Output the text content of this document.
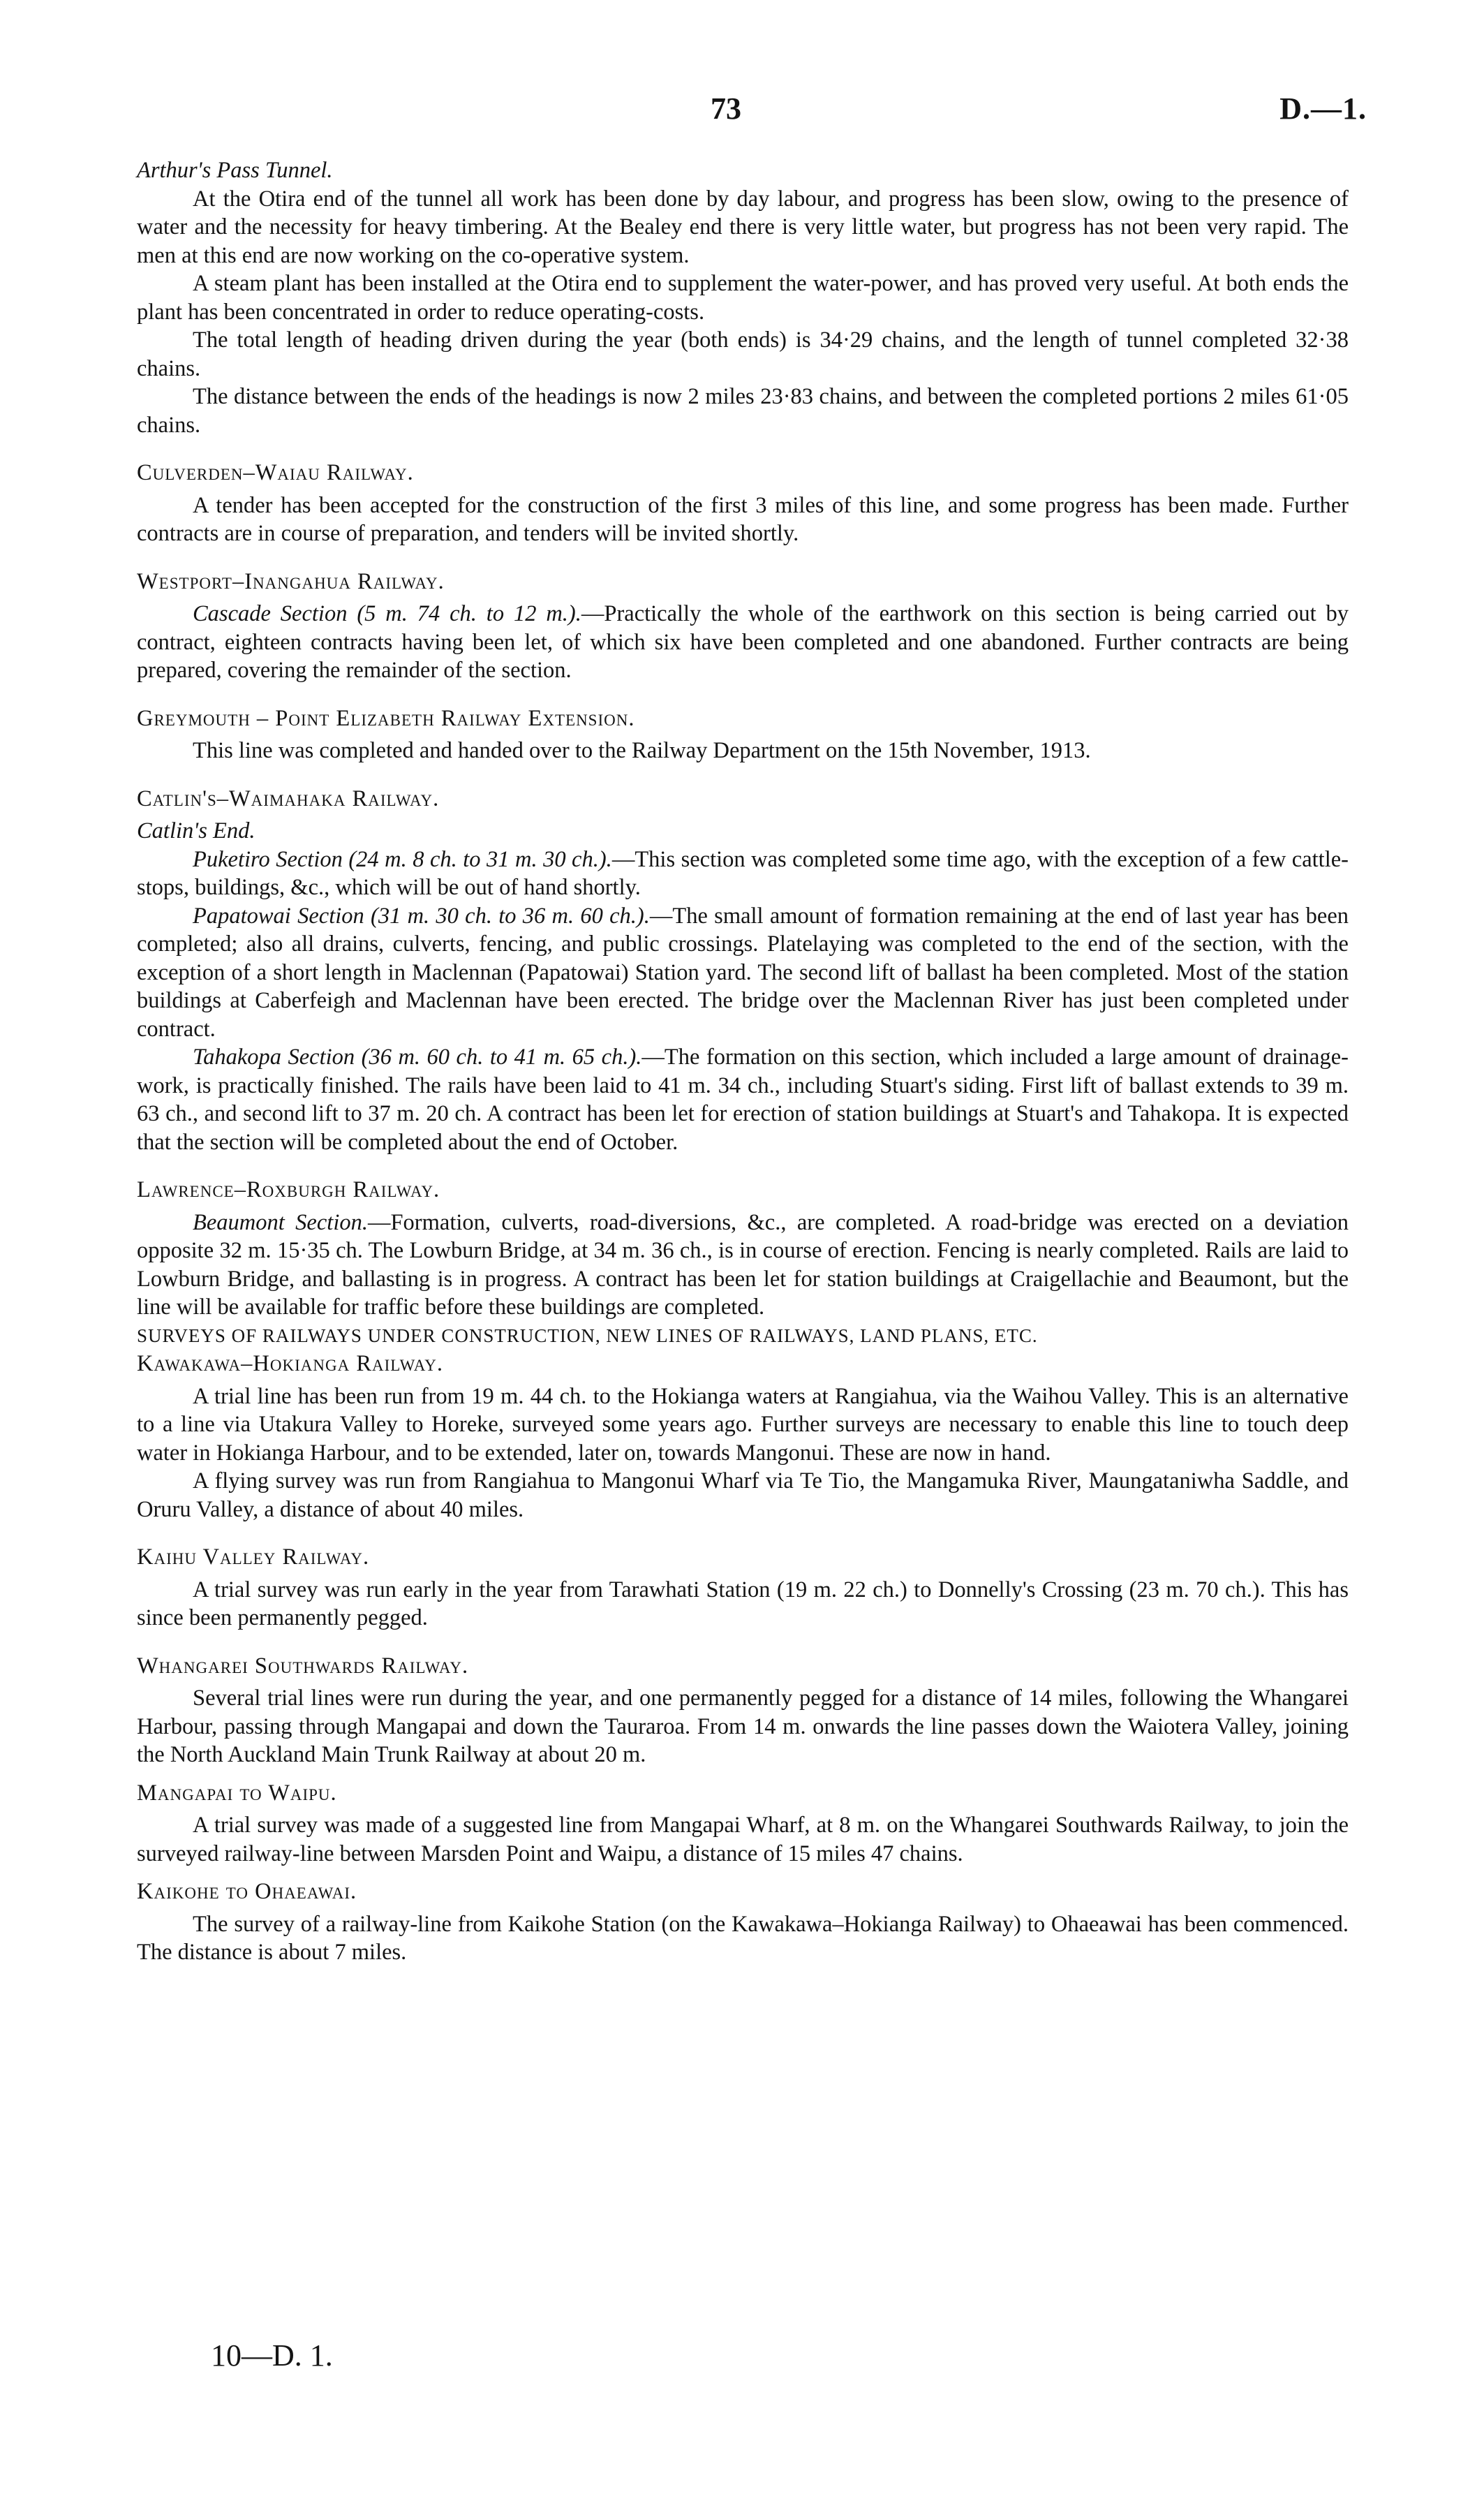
73	D.—1.

Arthur's Pass Tunnel.

At the Otira end of the tunnel all work has been done by day labour, and progress has been slow, owing to the presence of water and the necessity for heavy timbering. At the Bealey end there is very little water, but progress has not been very rapid. The men at this end are now working on the co-operative system.

A steam plant has been installed at the Otira end to supplement the water-power, and has proved very useful. At both ends the plant has been concentrated in order to reduce operating-costs.

The total length of heading driven during the year (both ends) is 34·29 chains, and the length of tunnel completed 32·38 chains.

The distance between the ends of the headings is now 2 miles 23·83 chains, and between the completed portions 2 miles 61·05 chains.

Culverden–Waiau Railway.

A tender has been accepted for the construction of the first 3 miles of this line, and some progress has been made. Further contracts are in course of preparation, and tenders will be invited shortly.

Westport–Inangahua Railway.

Cascade Section (5 m. 74 ch. to 12 m.).—Practically the whole of the earthwork on this section is being carried out by contract, eighteen contracts having been let, of which six have been completed and one abandoned. Further contracts are being prepared, covering the remainder of the section.

Greymouth – Point Elizabeth Railway Extension.

This line was completed and handed over to the Railway Department on the 15th November, 1913.

Catlin's–Waimahaka Railway.

Catlin's End.

Puketiro Section (24 m. 8 ch. to 31 m. 30 ch.).—This section was completed some time ago, with the exception of a few cattle-stops, buildings, &c., which will be out of hand shortly.

Papatowai Section (31 m. 30 ch. to 36 m. 60 ch.).—The small amount of formation remaining at the end of last year has been completed; also all drains, culverts, fencing, and public crossings. Platelaying was completed to the end of the section, with the exception of a short length in Maclennan (Papatowai) Station yard. The second lift of ballast ha been completed. Most of the station buildings at Caberfeigh and Maclennan have been erected. The bridge over the Maclennan River has just been completed under contract.

Tahakopa Section (36 m. 60 ch. to 41 m. 65 ch.).—The formation on this section, which included a large amount of drainage-work, is practically finished. The rails have been laid to 41 m. 34 ch., including Stuart's siding. First lift of ballast extends to 39 m. 63 ch., and second lift to 37 m. 20 ch. A contract has been let for erection of station buildings at Stuart's and Tahakopa. It is expected that the section will be completed about the end of October.

Lawrence–Roxburgh Railway.

Beaumont Section.—Formation, culverts, road-diversions, &c., are completed. A road-bridge was erected on a deviation opposite 32 m. 15·35 ch. The Lowburn Bridge, at 34 m. 36 ch., is in course of erection. Fencing is nearly completed. Rails are laid to Lowburn Bridge, and ballasting is in progress. A contract has been let for station buildings at Craigellachie and Beaumont, but the line will be available for traffic before these buildings are completed.

SURVEYS OF RAILWAYS UNDER CONSTRUCTION, NEW LINES OF RAILWAYS, LAND PLANS, ETC.

Kawakawa–Hokianga Railway.

A trial line has been run from 19 m. 44 ch. to the Hokianga waters at Rangiahua, via the Waihou Valley. This is an alternative to a line via Utakura Valley to Horeke, surveyed some years ago. Further surveys are necessary to enable this line to touch deep water in Hokianga Harbour, and to be extended, later on, towards Mangonui. These are now in hand.

A flying survey was run from Rangiahua to Mangonui Wharf via Te Tio, the Mangamuka River, Maungataniwha Saddle, and Oruru Valley, a distance of about 40 miles.

Kaihu Valley Railway.

A trial survey was run early in the year from Tarawhati Station (19 m. 22 ch.) to Donnelly's Crossing (23 m. 70 ch.). This has since been permanently pegged.

Whangarei Southwards Railway.

Several trial lines were run during the year, and one permanently pegged for a distance of 14 miles, following the Whangarei Harbour, passing through Mangapai and down the Tauraroa. From 14 m. onwards the line passes down the Waiotera Valley, joining the North Auckland Main Trunk Railway at about 20 m.

Mangapai to Waipu.

A trial survey was made of a suggested line from Mangapai Wharf, at 8 m. on the Whangarei Southwards Railway, to join the surveyed railway-line between Marsden Point and Waipu, a distance of 15 miles 47 chains.

Kaikohe to Ohaeawai.

The survey of a railway-line from Kaikohe Station (on the Kawakawa–Hokianga Railway) to Ohaeawai has been commenced. The distance is about 7 miles.

10—D. 1.
